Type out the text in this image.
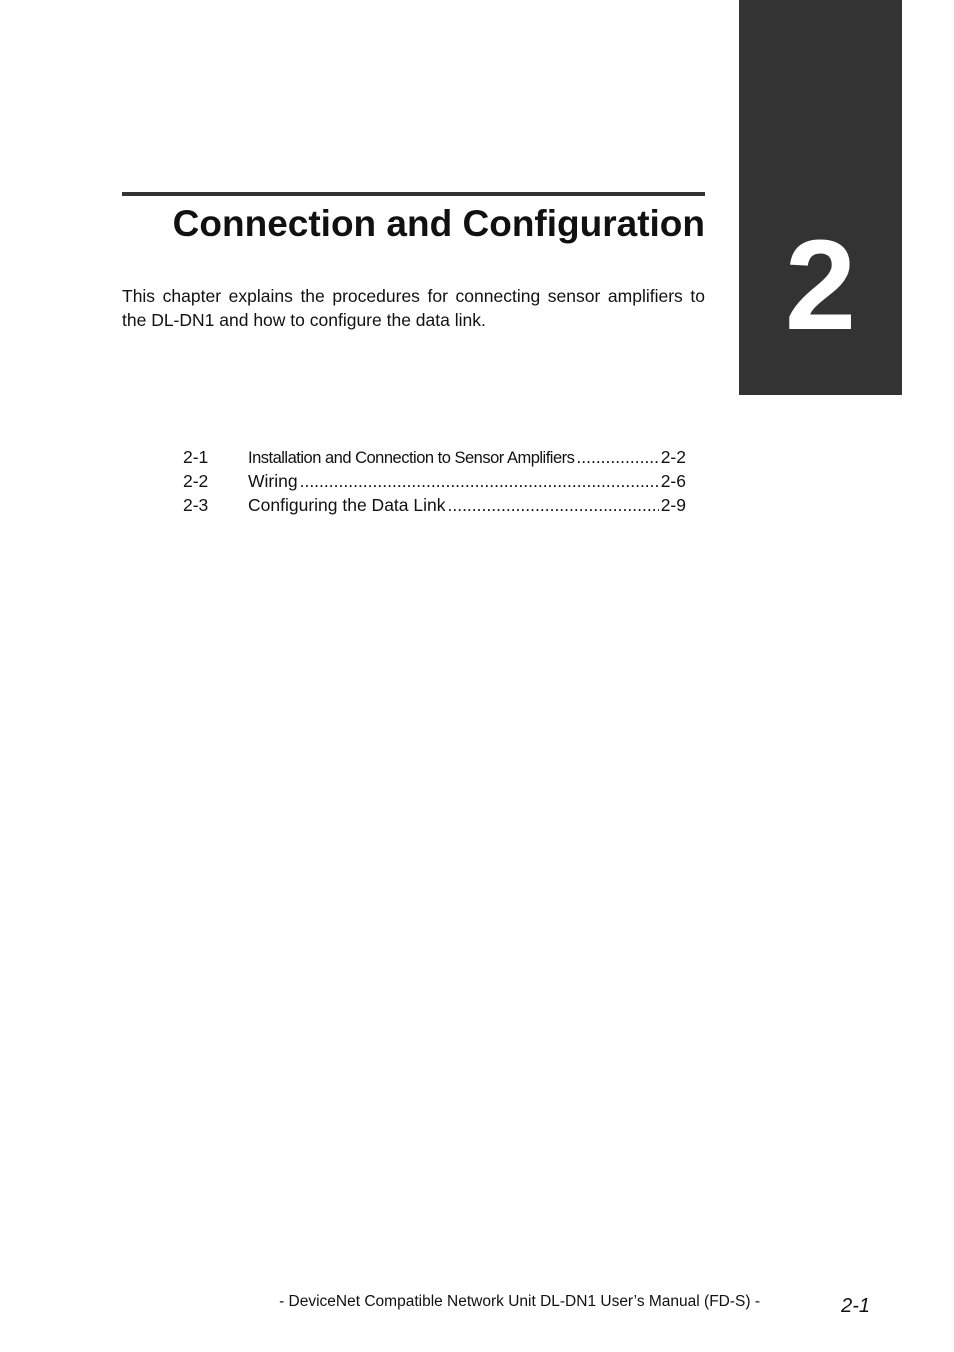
2
Connection and Configuration

This chapter explains the procedures for connecting sensor amplifiers to the DL-DN1 and how to configure the data link.

2-1	Installation and Connection to Sensor Amplifiers .....	2-2
2-2	Wiring .....	2-6
2-3	Configuring the Data Link .....	2-9
- DeviceNet Compatible Network Unit DL-DN1 User’s Manual (FD-S) -	2-1
